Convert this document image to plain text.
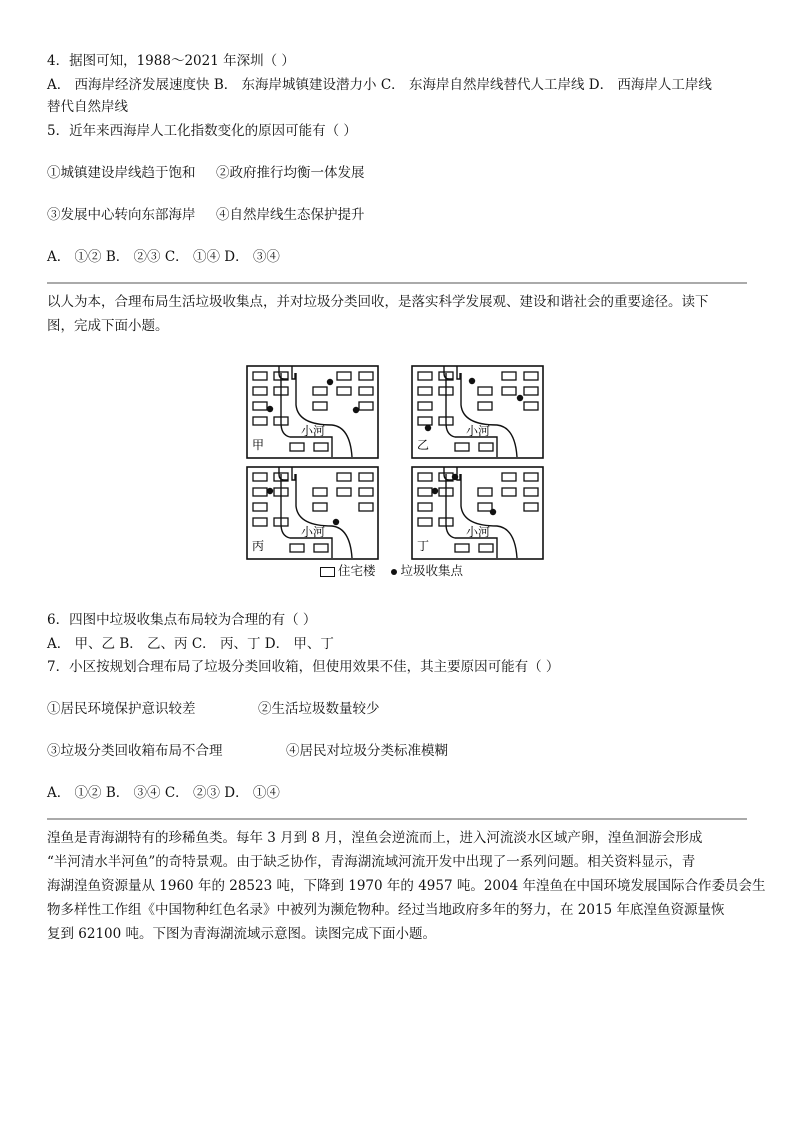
4．据图可知，1988～2021 年深圳（ ）
A． 西海岸经济发展速度快 B． 东海岸城镇建设潜力小 C． 东海岸自然岸线替代人工岸线 D． 西海岸人工岸线
替代自然岸线
5．近年来西海岸人工化指数变化的原因可能有（ ）
①城镇建设岸线趋于饱和 ②政府推行均衡一体发展
③发展中心转向东部海岸 ④自然岸线生态保护提升
A． ①② B． ②③ C． ①④ D． ③④
以人为本，合理布局生活垃圾收集点，并对垃圾分类回收，是落实科学发展观、建设和谐社会的重要途径。读下
图，完成下面小题。
甲
小河
乙
小河
丙
小河
丁
小河
住宅楼 垃圾收集点
6．四图中垃圾收集点布局较为合理的有（ ）
A． 甲、乙 B． 乙、丙 C． 丙、丁 D． 甲、丁
7．小区按规划合理布局了垃圾分类回收箱，但使用效果不佳，其主要原因可能有（ ）
①居民环境保护意识较差	②生活垃圾数量较少
③垃圾分类回收箱布局不合理	④居民对垃圾分类标准模糊
A． ①② B． ③④ C． ②③ D． ①④
湟鱼是青海湖特有的珍稀鱼类。每年 3 月到 8 月，湟鱼会逆流而上，进入河流淡水区域产卵，湟鱼洄游会形成
“半河清水半河鱼”的奇特景观。由于缺乏协作，青海湖流域河流开发中出现了一系列问题。相关资料显示，青
海湖湟鱼资源量从 1960 年的 28523 吨，下降到 1970 年的 4957 吨。2004 年湟鱼在中国环境发展国际合作委员会生
物多样性工作组《中国物种红色名录》中被列为濒危物种。经过当地政府多年的努力，在 2015 年底湟鱼资源量恢
复到 62100 吨。下图为青海湖流域示意图。读图完成下面小题。
